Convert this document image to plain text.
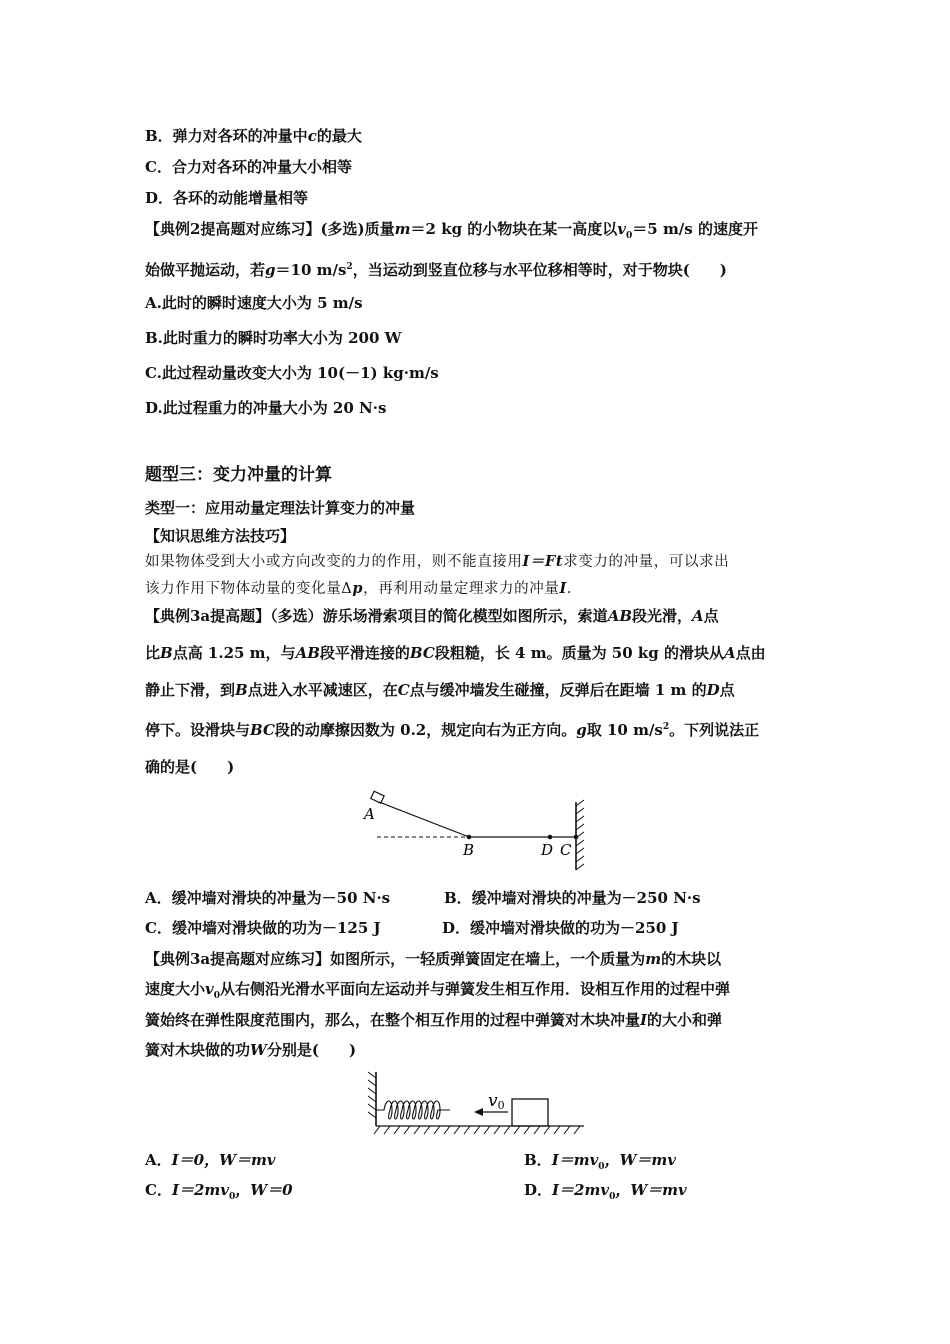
B．弹力对各环的冲量中c的最大
C．合力对各环的冲量大小相等
D．各环的动能增量相等
【典例2提高题对应练习】(多选)质量m＝2 kg 的小物块在某一高度以$v_0=5$ m/s 的速度开
始做平抛运动，若g＝10 $m/s^2$，当运动到竖直位移与水平位移相等时，对于物块(　　)
A.此时的瞬时速度大小为 5 m/s
B.此时重力的瞬时功率大小为 200 W
C.此过程动量改变大小为 10(－1) kg·m/s
D.此过程重力的冲量大小为 20 N·s
题型三：变力冲量的计算
类型一：应用动量定理法计算变力的冲量
【知识思维方法技巧】
如果物体受到大小或方向改变的力的作用，则不能直接用I＝Ft求变力的冲量，可以求出
该力作用下物体动量的变化量Δp，再利用动量定理求力的冲量I.
【典例3a提高题】（多选）游乐场滑索项目的简化模型如图所示，索道AB段光滑，A点
比B点高 1.25 m，与AB段平滑连接的BC段粗糙，长 4 m。质量为 50 kg 的滑块从A点由
静止下滑，到B点进入水平减速区，在C点与缓冲墙发生碰撞，反弹后在距墙 1 m 的D点
停下。设滑块与BC段的动摩擦因数为 0.2，规定向右为正方向。g取 10 $m/s^2$。下列说法正
确的是(　　)
A
B	D C
A．缓冲墙对滑块的冲量为－50 N·s	B．缓冲墙对滑块的冲量为－250 N·s
C．缓冲墙对滑块做的功为－125 J	D．缓冲墙对滑块做的功为－250 J
【典例3a提高题对应练习】如图所示，一轻质弹簧固定在墙上，一个质量为m的木块以
速度大小$v_0$从右侧沿光滑水平面向左运动并与弹簧发生相互作用．设相互作用的过程中弹
簧始终在弹性限度范围内，那么，在整个相互作用的过程中弹簧对木块冲量I的大小和弹
簧对木块做的功W分别是(　　)
v0
A．I＝0，W＝mv	B．$I=mv_0$，W＝mv
C．$I=2mv_0$，W＝0	D．$I=2mv_0$，W＝mv
